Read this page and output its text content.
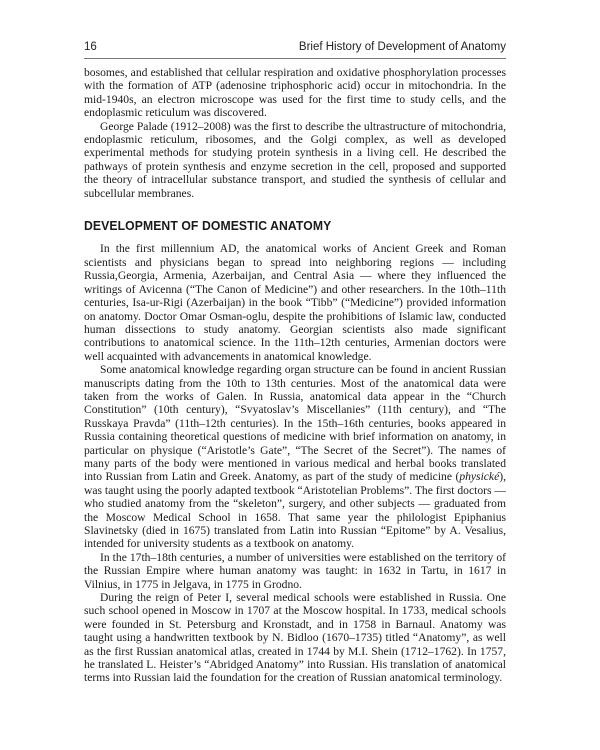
16	Brief History of Development of Anatomy

bosomes, and established that cellular respiration and oxidative phosphorylation processes with the formation of ATP (adenosine triphosphoric acid) occur in mitochondria. In the mid-1940s, an electron microscope was used for the first time to study cells, and the endoplasmic reticulum was discovered.

George Palade (1912–2008) was the first to describe the ultrastructure of mitochondria, endoplasmic reticulum, ribosomes, and the Golgi complex, as well as developed experimental methods for studying protein synthesis in a living cell. He described the pathways of protein synthesis and enzyme secretion in the cell, proposed and supported the theory of intracellular substance transport, and studied the synthesis of cellular and subcellular membranes.

DEVELOPMENT OF DOMESTIC ANATOMY

In the first millennium AD, the anatomical works of Ancient Greek and Roman scientists and physicians began to spread into neighboring regions — including Russia,Georgia, Armenia, Azerbaijan, and Central Asia — where they influenced the writings of Avicenna (“The Canon of Medicine”) and other researchers. In the 10th–11th centuries, Isa-ur-Rigi (Azerbaijan) in the book “Tibb” (“Medicine”) provided information on anatomy. Doctor Omar Osman-oglu, despite the prohibitions of Islamic law, conducted human dissections to study anatomy. Georgian scientists also made significant contributions to anatomical science. In the 11th–12th centuries, Armenian doctors were well acquainted with advancements in anatomical knowledge.

Some anatomical knowledge regarding organ structure can be found in ancient Russian manuscripts dating from the 10th to 13th centuries. Most of the anatomical data were taken from the works of Galen. In Russia, anatomical data appear in the “Church Constitution” (10th century), “Svyatoslav’s Miscellanies” (11th century), and “The Russkaya Pravda” (11th–12th centuries). In the 15th–16th centuries, books appeared in Russia containing theoretical questions of medicine with brief information on anatomy, in particular on physique (“Aristotle’s Gate”, “The Secret of the Secret”). The names of many parts of the body were mentioned in various medical and herbal books translated into Russian from Latin and Greek. Anatomy, as part of the study of medicine (physické), was taught using the poorly adapted textbook “Aristotelian Problems”. The first doctors — who studied anatomy from the “skeleton”, surgery, and other subjects — graduated from the Moscow Medical School in 1658. That same year the philologist Epiphanius Slavinetsky (died in 1675) translated from Latin into Russian “Epitome” by A. Vesalius, intended for university students as a textbook on anatomy.

In the 17th–18th centuries, a number of universities were established on the territory of the Russian Empire where human anatomy was taught: in 1632 in Tartu, in 1617 in Vilnius, in 1775 in Jelgava, in 1775 in Grodno.

During the reign of Peter I, several medical schools were established in Russia. One such school opened in Moscow in 1707 at the Moscow hospital. In 1733, medical schools were founded in St. Petersburg and Kronstadt, and in 1758 in Barnaul. Anatomy was taught using a handwritten textbook by N. Bidloo (1670–1735) titled “Anatomy”, as well as the first Russian anatomical atlas, created in 1744 by M.I. Shein (1712–1762). In 1757, he translated L. Heister’s “Abridged Anatomy” into Russian. His translation of anatomical terms into Russian laid the foundation for the creation of Russian anatomical terminology.
